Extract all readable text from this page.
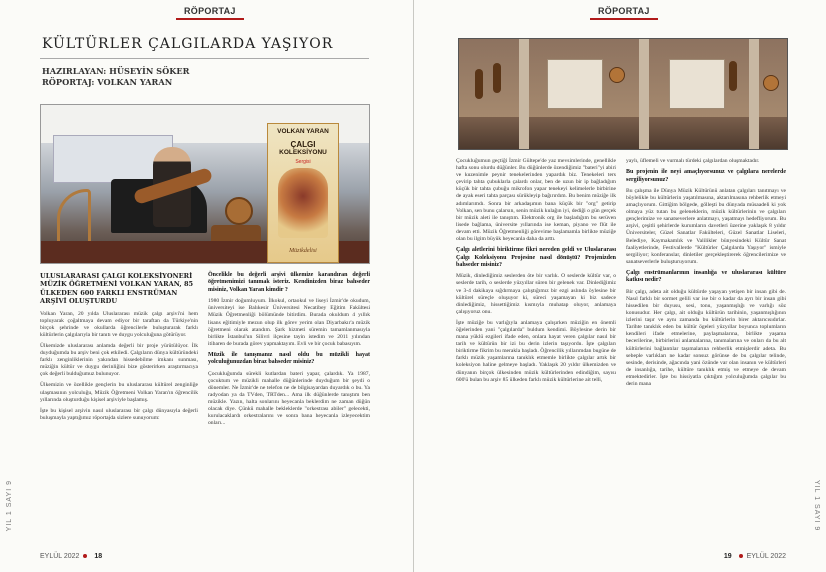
RÖPORTAJ
KÜLTÜRLER ÇALGILARDA YAŞIYOR
HAZIRLAYAN: HÜSEYİN SÖKER
RÖPORTAJ: VOLKAN YARAN
VOLKAN YARAN
ÇALGI
KOLEKSİYONU
Sergisi
Müzikdelisi

ULUSLARARASI ÇALGI KOLEKSİYONERİ MÜZİK ÖĞRETMENİ VOLKAN YARAN, 85 ÜLKEDEN 600 FARKLI ENSTRÜMAN ARŞİVİ OLUŞTURDU

Volkan Yaran, 20 yılda Uluslararası müzik çalgı arşivi'ni hem topluyarak çoğaltmaya devam ediyor bir taraftan da Türkiye'nin birçok şehrinde ve okullarda öğrencilerle buluşturarak farklı kültürlerin çalgılarıyla bir tanıtı ve duygu yolculuğuna götürüyor.

Ülkemizde uluslararası anlamda değerli bir proje yürütülüyor. İlk duyduğumda bu arşiv beni çok etkiledi. Çalgıların dünya kültüründeki farklı zenginliklerinin yakından hissedebilme imkanı sunması, müziğin kültür ve duygu derinliğini bize gösterirken araştırmacıya çok değerli bulduğumuz bulunuyor.

Ülkemizin ve özellikle gençlerin bu uluslararası kültürel zenginliğe ulaşmasının yolculuğu, Müzik Öğretmeni Volkan Yaran'ın öğrencilik yıllarında oluşturduğu kişisel arşiviyle başlamış.

İşte bu kişisel arşivin nasıl uluslararası bir çalgı dünyasıyla değerli buluşmayla yaptığımız röportajda sizlere sunuyorum:

Öncelikle bu değerli arşivi ülkemize karandıran değerli öğretmenimizi tanımak isteriz. Kendinizden biraz bahseder misiniz, Volkan Yaran kimdir ?

1980 İzmir doğumluyum. İlkokul, ortaokul ve liseyi İzmir'de okudum, üniversiteyi ise Balıkesir Üniversitesi Necatibey Eğitim Fakültesi Müzik Öğretmenliği bölümünde bitirdim. Burada okuldum 4 yıllık lisans eğitimiyle mezun olup ilk görev yerim olan Diyarbakır'a müzik öğretmeni olarak atandım. Şark hizmeti süremin tamamlanmasıyla birlikte İstanbul'un Silivri ilçesine tayin istedim ve 2011 yılından itibaren de burada görev yapmaktayım. Evli ve bir çocuk babasıyım.

Müzik ile tanışmanız nasıl oldu bu müzikli hayat yolculuğunuzdan biraz bahseder misiniz?

Çocukluğumda sürekli kutlardan bateri yapar, çalardık. Ya 1987, çocuktum ve müzikli mahalle düğünlerinde duyduğum bir şeydi o dönemler. Ne İzmir'de ne telefon ne de bilgisayardan duyardık o bu. Ya radyodan ya da TVden, TRTden... Ama ilk düğünlerde tanıştım ben müzikle. Yazın, halta sonlarını heyecanla beklerdim ne zaman düğün olacak diye. Çünkü mahalle bekleklerde "orkestrası abiler" gelecekti, kurulacaklardı orkestralarını ve sonra bana heyecanla izleyecektim onları...

YIL 1 SAYI 9
EYLÜL 2022 18
RÖPORTAJ

Çocukluğumun geçtiği İzmir Gültepe'de yaz mevsimlerinde, genellikle hafta sonu olurdu düğünler. Bu düğünlerde özendiğimiz "bateri"yi abiri ve kuzenimle peynir tenekelerinden yapardık biz. Tenekeleri ters çevirip tahta çubuklarla çalardı onlar, ben de uzun bir ip bağladığım küçük bir tahta çubuğu mikrofon yapar tenekeyi kelimelerle birbirine de ayak eseri tahta parçası sürükleyip bağırırdım. Bu benim müziğe ilk adımlarımdı. Sonra bir arkadaşımın bana küçük bir "org" getirip Volkan, sen bunu çalarsın, senin müzik kulağın iyi, dediği o gün gerçek bir müzik aleti ile tanıştım. Elektronik org ile başladığım bu serüven lisede bağlama, üniversite yıllarında ise keman, piyano ve flüt ile devam etti. Müzik Öğretmenliği görevime başlamamla birlikte müziğe olan bu ilgim büyük heyecanla daha da arttı.

Çalgı aletlerini biriktirme fikri nereden geldi ve Uluslararası Çalgı Koleksiyonu Projesine nasıl dönüştü? Projenizden bahseder misiniz?

Müzik, dinlediğimiz seslerden öte bir varlık. O seslerde kültür var, o seslerde tarih, o seslerde yüzyıllar süren bir gelenek var. Dinlediğimiz ve 3-4 dakikaya sığdırmaya çalıştığımız bir ezgi aslında öylesine bir kültürel süreçle oluşuyor ki, süreci yaşamayan ki biz sadece dinlediğimiz, hissettiğimiz kısmıyla muhatap oluyor, anlamaya çalışıyoruz onu.

İşte müziğe bu varlığıyla anlamaya çalışırken müziğin en önemli öğelerinden yani "çalgılarda" buldum kendimi. Böylesine derin bir mana yüklü ezgileri ifade eden, onlara hayat veren çalgılar nasıl bir tarih ve kültürün bir izi bu derin izlerin taşıyordu. İşte çalgıları biriktirme fikrim bu merakla başladı. Öğrencilik yıllarımdan bugüne de farklı müzik yaşamlarına tanıklık etmemle birlikte çalgılar artık bir koleksiyon haline gelmeye başladı. Yaklaşık 20 yıldır ülkemizden ve dünyanın birçok ülkesinden müzik kültürlerinden edindiğim, sayısı 600'ü bulan bu arşiv 85 ülkeden farklı müzik kültürlerine ait telli,

yaylı, üflemeli ve vurmalı türdeki çalgılardan oluşmaktadır.

Bu projenin ile neyi amaçlıyorsunuz ve çalgılara nerelerde sergiliyorsunuz?

Bu çalışma ile Dünya Müzik Kültürünü anlatan çalgıları tanıtmayı ve böylelikle bu kültürlerin yaşatılmasına, aktarılmasına rehberlik etmeyi amaçlıyorum. Gittiğim bölgede, gölleşti bu dünyada müsaadeli ki yok olmaya yüz tutan bu geleneklerin, müzik kültürlerinin ve çalgıları gençlerimize ve sanatseverlere anlatmayı, yaşatmayı hedefliyorum. Bu arşivi, çeşitli şehirlerde kurumların davetleri üzerine yaklaşık 8 yıldır Üniversiteler, Güzel Sanatlar Fakülteleri, Güzel Sanatlar Liseleri, Belediye, Kaymakamlık ve Valilikler bünyesindeki Kültür Sanat faaliyetlerinde, Festivallerde "Kültürler Çalgılarda Yaşıyor" ismiyle sergiliyor; konferanslar, dinletiler gerçekleştirerek öğrencilerimize ve sanatseverlerle buluşturuyorum.

Çalgı enstrümanlarının insanlığa ve uluslararası kültüre katkısı nedir?

Bir çalgı, adeta ait olduğu kültürde yaşayan yetişen bir insan gibi de. Nasıl farklı bir sormet gelili var ise bir o kadar da ayrı bir insan gibi hissedilen bir duyusu, sesi, tonu, yaşanmışlığı ve varlığı söz konusudur. Her çalgı, ait olduğu kültürün tarihinin, yaşanmışlığının izlerini taşır ve aynı zamanda bu kültürlerin birer aktarıcısıdırlar. Tarihte tanıklık eden bu kültür ögeleri yüzyıllar boyunca toplumların kendileri ifade etmelerine, paylaşmalarına, birlikte yaşama becerilerine, birbirlerini anlamalarına, tanımalarına ve onları da bu alt kültürlerini bağlantılar taşımalarına rehberlik etmişlerdir adeta. Bu sebeple varlıkları ne kadar sonsuz görünse de bu çalgılar telinde, sesinde, derisinde, ağacında yani özünde var olan insanın ve kültürleri de insanlığa, tarihe, kültüre tanıklık etmiş ve etmeye de devam etmektedirler. İşte bu hissiyatla çıktığım yolculuğumda çalgılar bu derin mana

YIL 1 SAYI 9
19 EYLÜL 2022
